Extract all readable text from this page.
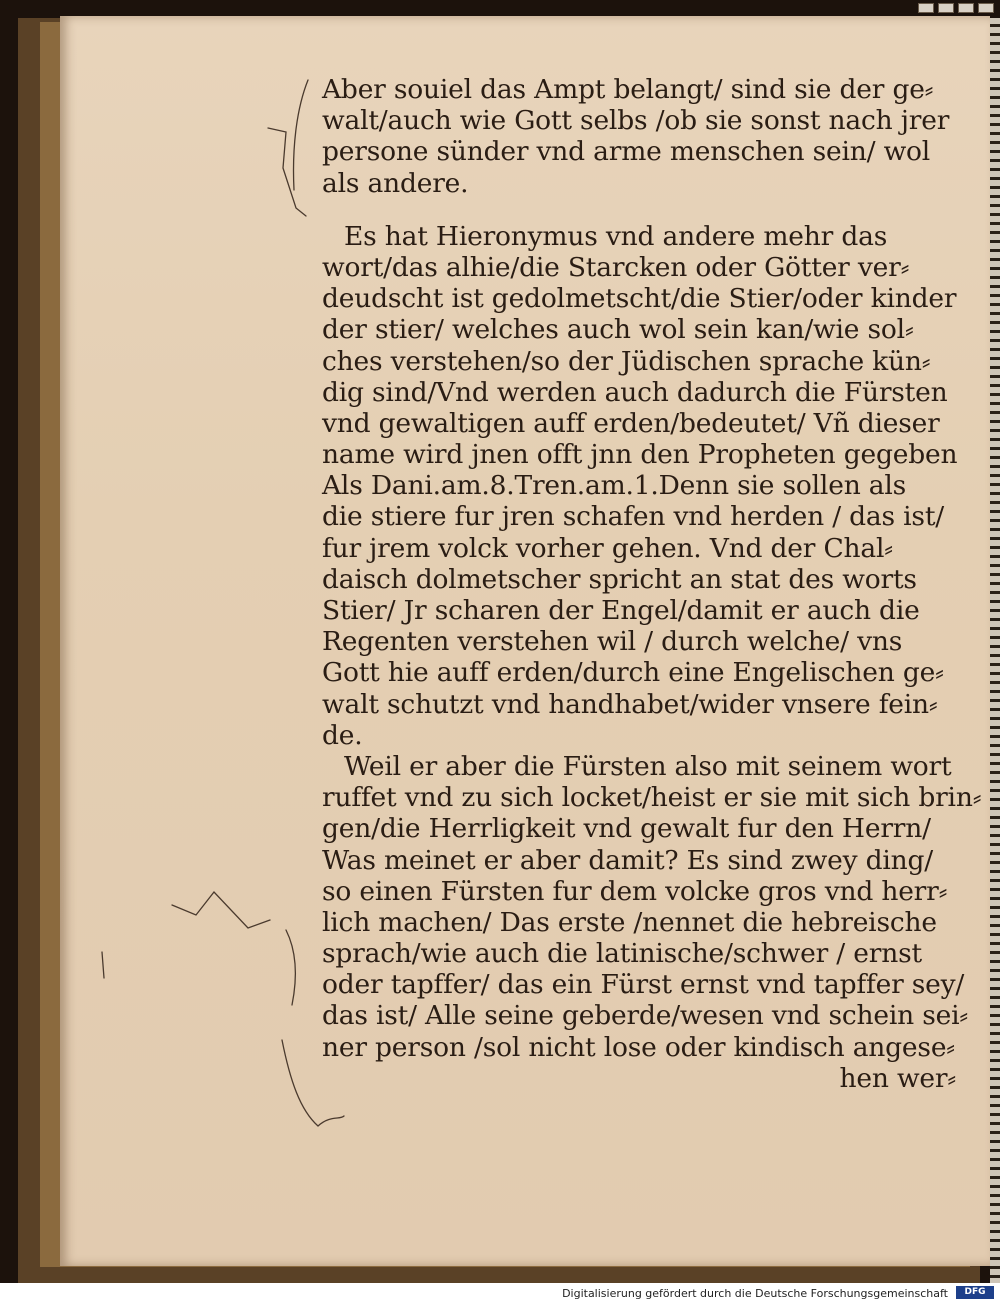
Aber souiel das Ampt belangt/ sind sie der ge⸗
walt/auch wie Gott selbs /ob sie sonst nach jrer
persone sünder vnd arme menschen sein/ wol
als andere.
Es hat Hieronymus vnd andere mehr das
wort/das alhie/die Starcken oder Götter ver⸗
deudscht ist gedolmetscht/die Stier/oder kinder
der stier/ welches auch wol sein kan/wie sol⸗
ches verstehen/so der Jüdischen sprache kün⸗
dig sind/Vnd werden auch dadurch die Fürsten
vnd gewaltigen auff erden/bedeutet/ Vñ dieser
name wird jnen offt jnn den Propheten gegeben
Als Dani.am.8.Tren.am.1.Denn sie sollen als
die stiere fur jren schafen vnd herden / das ist/
fur jrem volck vorher gehen. Vnd der Chal⸗
daisch dolmetscher spricht an stat des worts
Stier/ Jr scharen der Engel/damit er auch die
Regenten verstehen wil / durch welche/ vns
Gott hie auff erden/durch eine Engelischen ge⸗
walt schutzt vnd handhabet/wider vnsere fein⸗
de.
Weil er aber die Fürsten also mit seinem wort
ruffet vnd zu sich locket/heist er sie mit sich brin⸗
gen/die Herrligkeit vnd gewalt fur den Herrn/
Was meinet er aber damit? Es sind zwey ding/
so einen Fürsten fur dem volcke gros vnd herr⸗
lich machen/ Das erste /nennet die hebreische
sprach/wie auch die latinische/schwer / ernst
oder tapffer/ das ein Fürst ernst vnd tapffer sey/
das ist/ Alle seine geberde/wesen vnd schein sei⸗
ner person /sol nicht lose oder kindisch angese⸗
hen wer⸗
Digitalisierung gefördert durch die Deutsche Forschungsgemeinschaft	DFG
